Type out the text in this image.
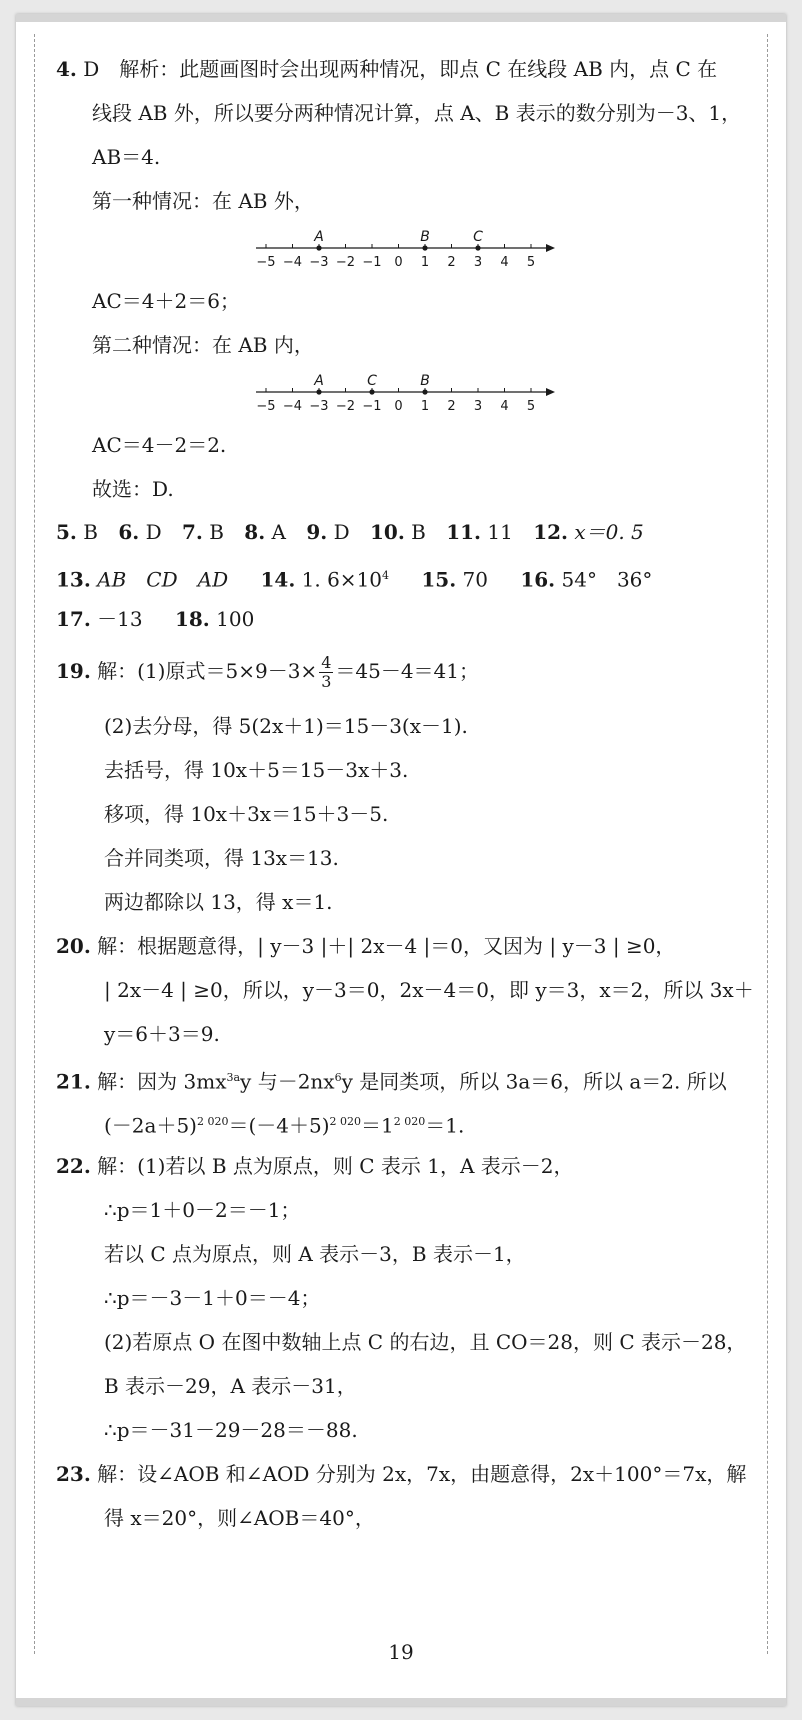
4. D　解析：此题画图时会出现两种情况，即点 C 在线段 AB 内，点 C 在
线段 AB 外，所以要分两种情况计算，点 A、B 表示的数分别为－3、1，
AB＝4.
第一种情况：在 AB 外，
−5 −4 −3 −2 −1 0 1 2 3 4 5
A	B	C
AC＝4＋2＝6；
第二种情况：在 AB 内，
−5 −4 −3 −2 −1 0 1 2 3 4 5
A	C	B
AC＝4－2＝2.
故选：D.
5. B 6. D 7. B 8. A 9. D 10. B 11. 11 12. x＝0. 5
13. AB　CD　AD 14. 1. $6\times 10^4$ 15. 70 16. 54°　36°
17. －13 18. 100
19. 解：(1)原式$=5\times 9-3\times \frac{4}{3} =45-4=41$；
(2)去分母，得 5(2x＋1)＝15－3(x－1).
去括号，得 10x＋5＝15－3x＋3.
移项，得 10x＋3x＝15＋3－5.
合并同类项，得 13x＝13.
两边都除以 13，得 x＝1.
20. 解：根据题意得，| y－3 |＋| 2x－4 |＝0，又因为 | y－3 | ≥0，
| 2x－4 | ≥0，所以，y－3＝0，2x－4＝0，即 y＝3，x＝2，所以 3x＋
y＝6＋3＝9.
21. 解：因为 $3mx^{3a}y$ 与$-2nx^6y$ 是同类项，所以 3a＝6，所以 a＝2. 所以
$(-2a+5)^{2 020}=(-4+5)^{2 020}=1^{2 020}=1$.
22. 解：(1)若以 B 点为原点，则 C 表示 1，A 表示－2，
∴p＝1＋0－2＝－1；
若以 C 点为原点，则 A 表示－3，B 表示－1，
∴p＝－3－1＋0＝－4；
(2)若原点 O 在图中数轴上点 C 的右边，且 CO＝28，则 C 表示－28，
B 表示－29，A 表示－31，
∴p＝－31－29－28＝－88.
23. 解：设∠AOB 和∠AOD 分别为 2x，7x，由题意得，2x＋100°＝7x，解
得 x＝20°，则∠AOB＝40°，
19
